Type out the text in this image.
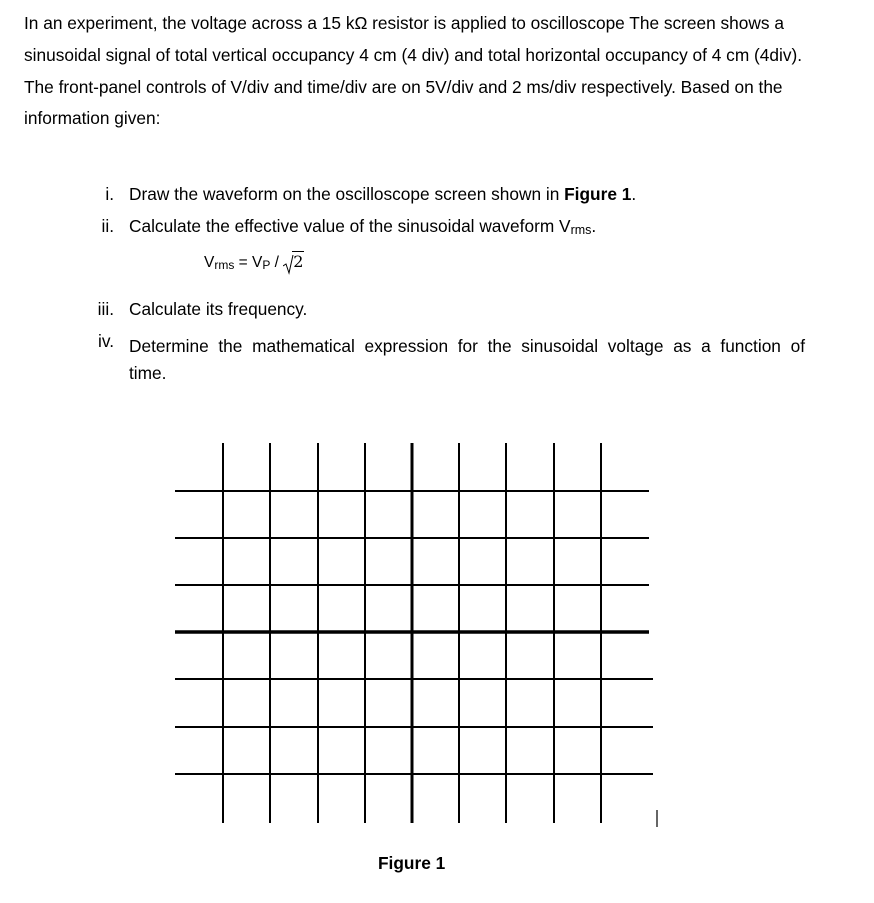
In an experiment, the voltage across a 15 kΩ resistor is applied to oscilloscope The screen shows a sinusoidal signal of total vertical occupancy 4 cm (4 div) and total horizontal occupancy of 4 cm (4div). The front-panel controls of V/div and time/div are on 5V/div and 2 ms/div respectively. Based on the information given:

i. Draw the waveform on the oscilloscope screen shown in Figure 1.
ii. Calculate the effective value of the sinusoidal waveform Vrms.
Vrms = VP /
2
iii. Calculate its frequency.
iv. Determine the mathematical expression for the sinusoidal voltage as a function of
time.
Figure 1
